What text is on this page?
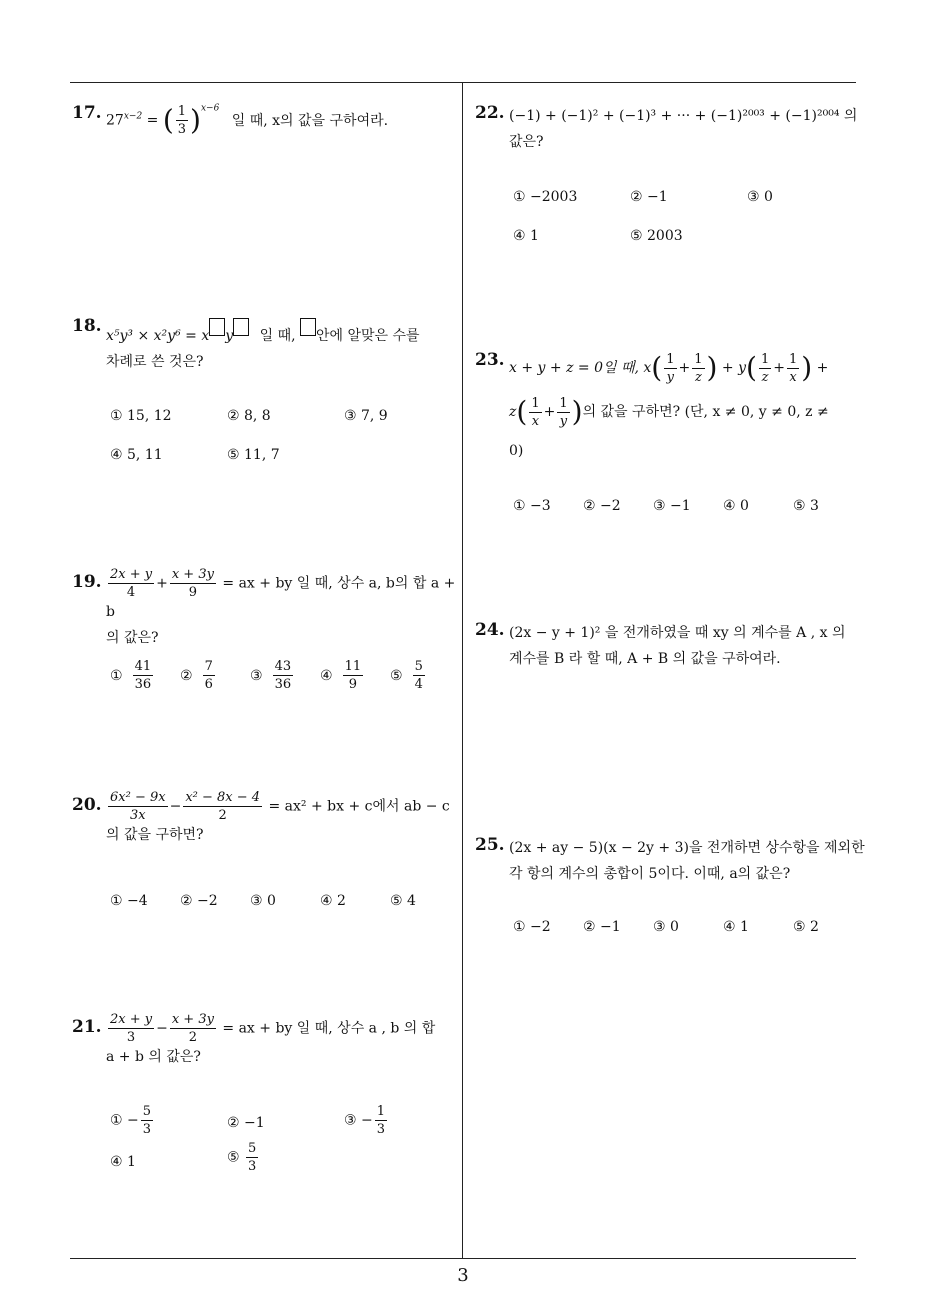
3
17. $27^{x-2}$ = ( $\frac{1}{3} )^{x-6}$ 일 때, x의 값을 구하여라.
18. x⁵y³ × x²y⁶ = x y 일 때, 안에 알맞은 수를
차례로 쓴 것은?
① 15, 12	② 8, 8	③ 7, 9
④ 5, 11	⑤ 11, 7
19. $\frac{2x + y}{4} + \frac{x + 3y}{9}$ = ax + by 일 때, 상수 a, b의 합 a + b
의 값은?
① $\frac{41}{36}$ ② $\frac{7}{6}$	③ $\frac{43}{36}$ ④ $\frac{11}{9}$ ⑤ $\frac{5}{4}$
20. $\frac{\text{6x² − 9x}}{3x} - \frac{\text{x² − 8x − 4}}{2} = ax^2$ + bx + c에서 ab − c
의 값을 구하면?
① −4 ② −2 ③ 0	④ 2	⑤ 4
21. $\frac{2x + y}{3} - \frac{x + 3y}{2}$ = ax + by 일 때, 상수 a , b 의 합
a + b 의 값은?
① − $\frac{5}{3}$	② −1	③ − $\frac{1}{3}$
④ 1	⑤ $\frac{5}{3}$
22. (−1) + (−1)² + (−1)³ + ··· + (−1)²⁰⁰³ + (−1)²⁰⁰⁴ 의
값은?
① −2003	② −1	③ 0
④ 1	⑤ 2003
23. x + y + z = 0일 때, $x( \frac{1}{y} + \frac{1}{z}$ ) + $y( \frac{1}{z} + \frac{1}{x}$ ) +
$z( \frac{1}{x} + \frac{1}{y}$ )의 값을 구하면? (단, x ≠ 0, y ≠ 0, z ≠

0)
① −3 ② −2 ③ −1 ④ 0	⑤ 3
24. (2x − y + 1)² 을 전개하였을 때 xy 의 계수를 A , x 의
계수를 B 라 할 때, A + B 의 값을 구하여라.
25. (2x + ay − 5)(x − 2y + 3)을 전개하면 상수항을 제외한
각 항의 계수의 총합이 5이다. 이때, a의 값은?
① −2 ② −1 ③ 0	④ 1	⑤ 2
